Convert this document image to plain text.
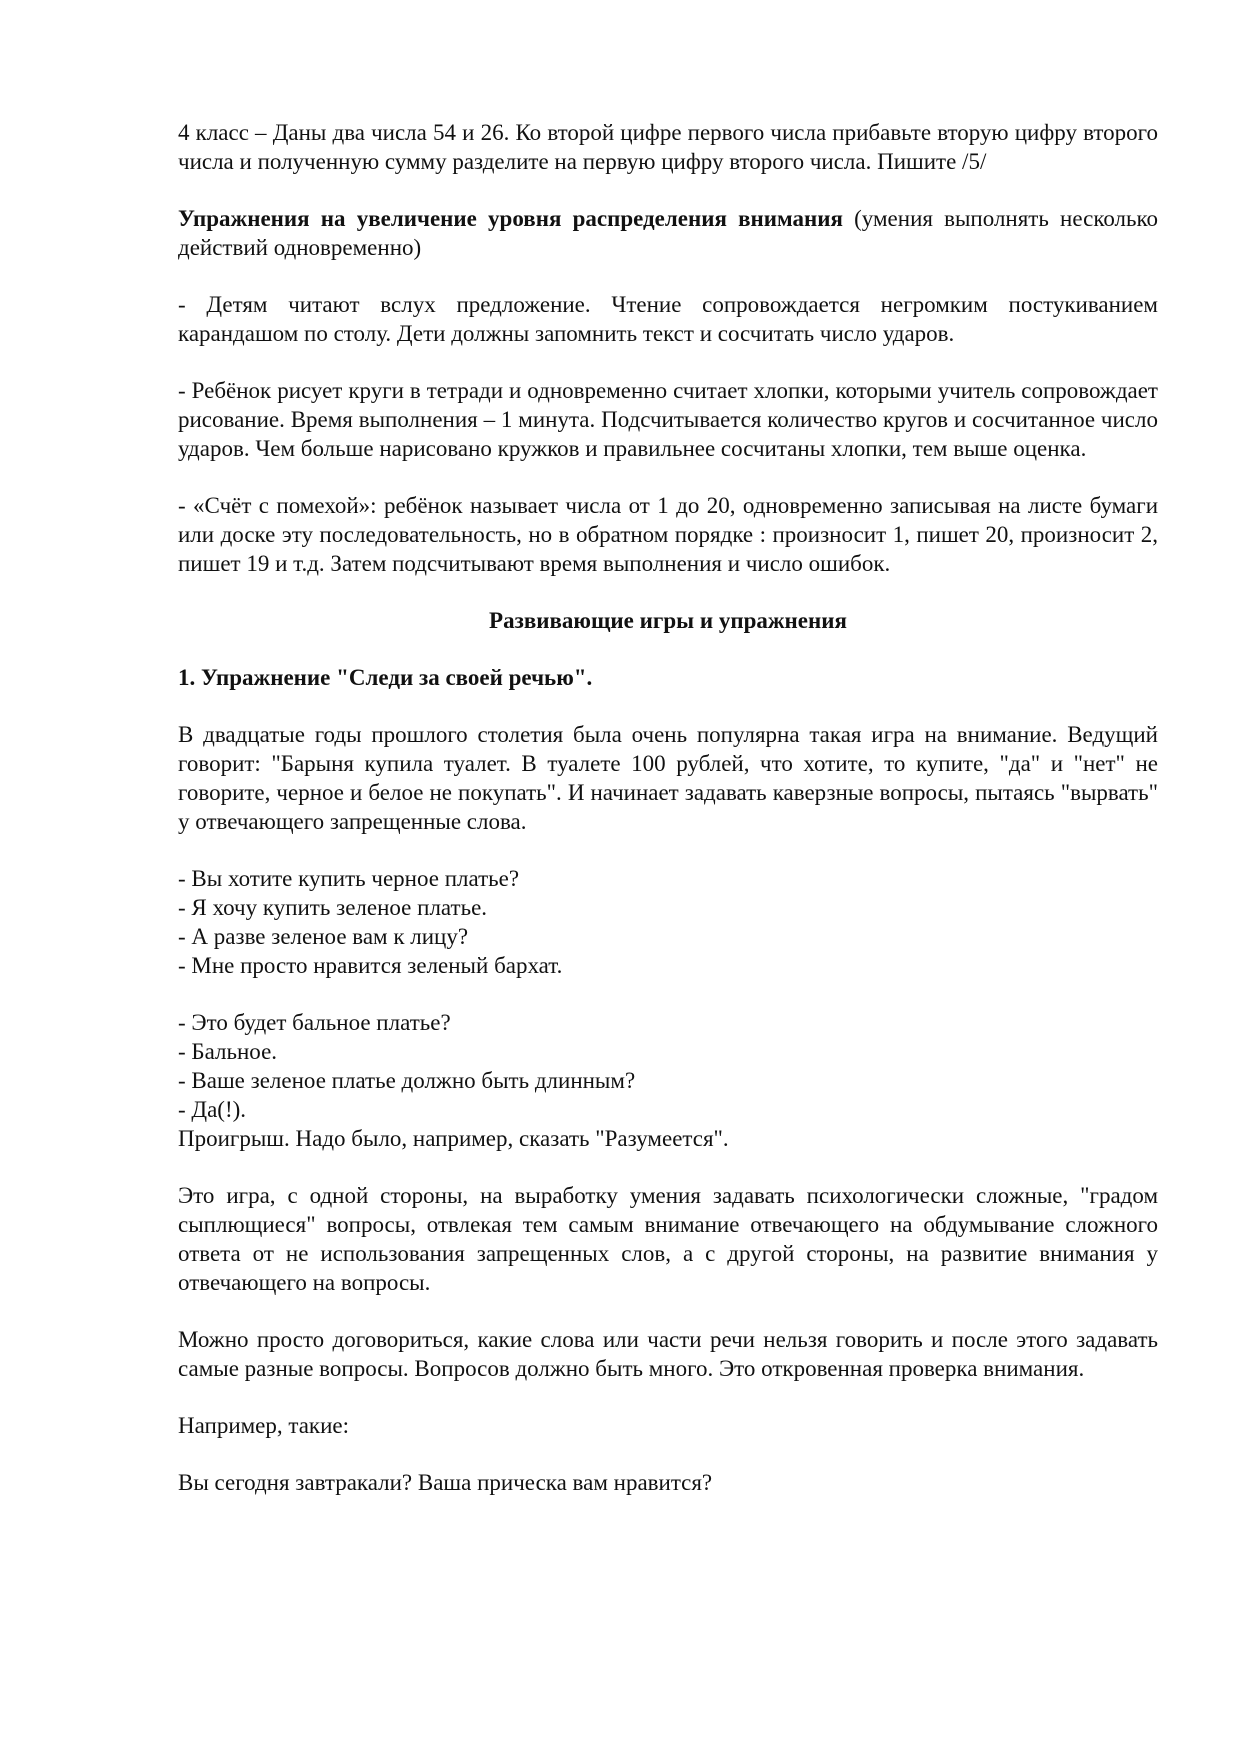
4 класс – Даны два числа 54 и 26. Ко второй цифре первого числа прибавьте вторую цифру второго числа и полученную сумму разделите на первую цифру второго числа. Пишите /5/

Упражнения на увеличение уровня распределения внимания (умения выполнять несколько действий одновременно)

- Детям читают вслух предложение. Чтение сопровождается негромким постукиванием карандашом по столу. Дети должны запомнить текст и сосчитать число ударов.

- Ребёнок рисует круги в тетради и одновременно считает хлопки, которыми учитель сопровождает рисование. Время выполнения – 1 минута. Подсчитывается количество кругов и сосчитанное число ударов. Чем больше нарисовано кружков и правильнее сосчитаны хлопки, тем выше оценка.

- «Счёт с помехой»: ребёнок называет числа от 1 до 20, одновременно записывая на листе бумаги или доске эту последовательность, но в обратном порядке : произносит 1, пишет 20, произносит 2, пишет 19 и т.д. Затем подсчитывают время выполнения и число ошибок.

Развивающие игры и упражнения

1. Упражнение "Следи за своей речью".

В двадцатые годы прошлого столетия была очень популярна такая игра на внимание. Ведущий говорит: "Барыня купила туалет. В туалете 100 рублей, что хотите, то купите, "да" и "нет" не говорите, черное и белое не покупать". И начинает задавать каверзные вопросы, пытаясь "вырвать" у отвечающего запрещенные слова.

- Вы хотите купить черное платье?

- Я хочу купить зеленое платье.

- А разве зеленое вам к лицу?

- Мне просто нравится зеленый бархат.

- Это будет бальное платье?

- Бальное.

- Ваше зеленое платье должно быть длинным?

- Да(!).

Проигрыш. Надо было, например, сказать "Разумеется".

Это игра, с одной стороны, на выработку умения задавать психологически сложные, "градом сыплющиеся" вопросы, отвлекая тем самым внимание отвечающего на обдумывание сложного ответа от не использования запрещенных слов, а с другой стороны, на развитие внимания у отвечающего на вопросы.

Можно просто договориться, какие слова или части речи нельзя говорить и после этого задавать самые разные вопросы. Вопросов должно быть много. Это откровенная проверка внимания.

Например, такие:

Вы сегодня завтракали? Ваша прическа вам нравится?
